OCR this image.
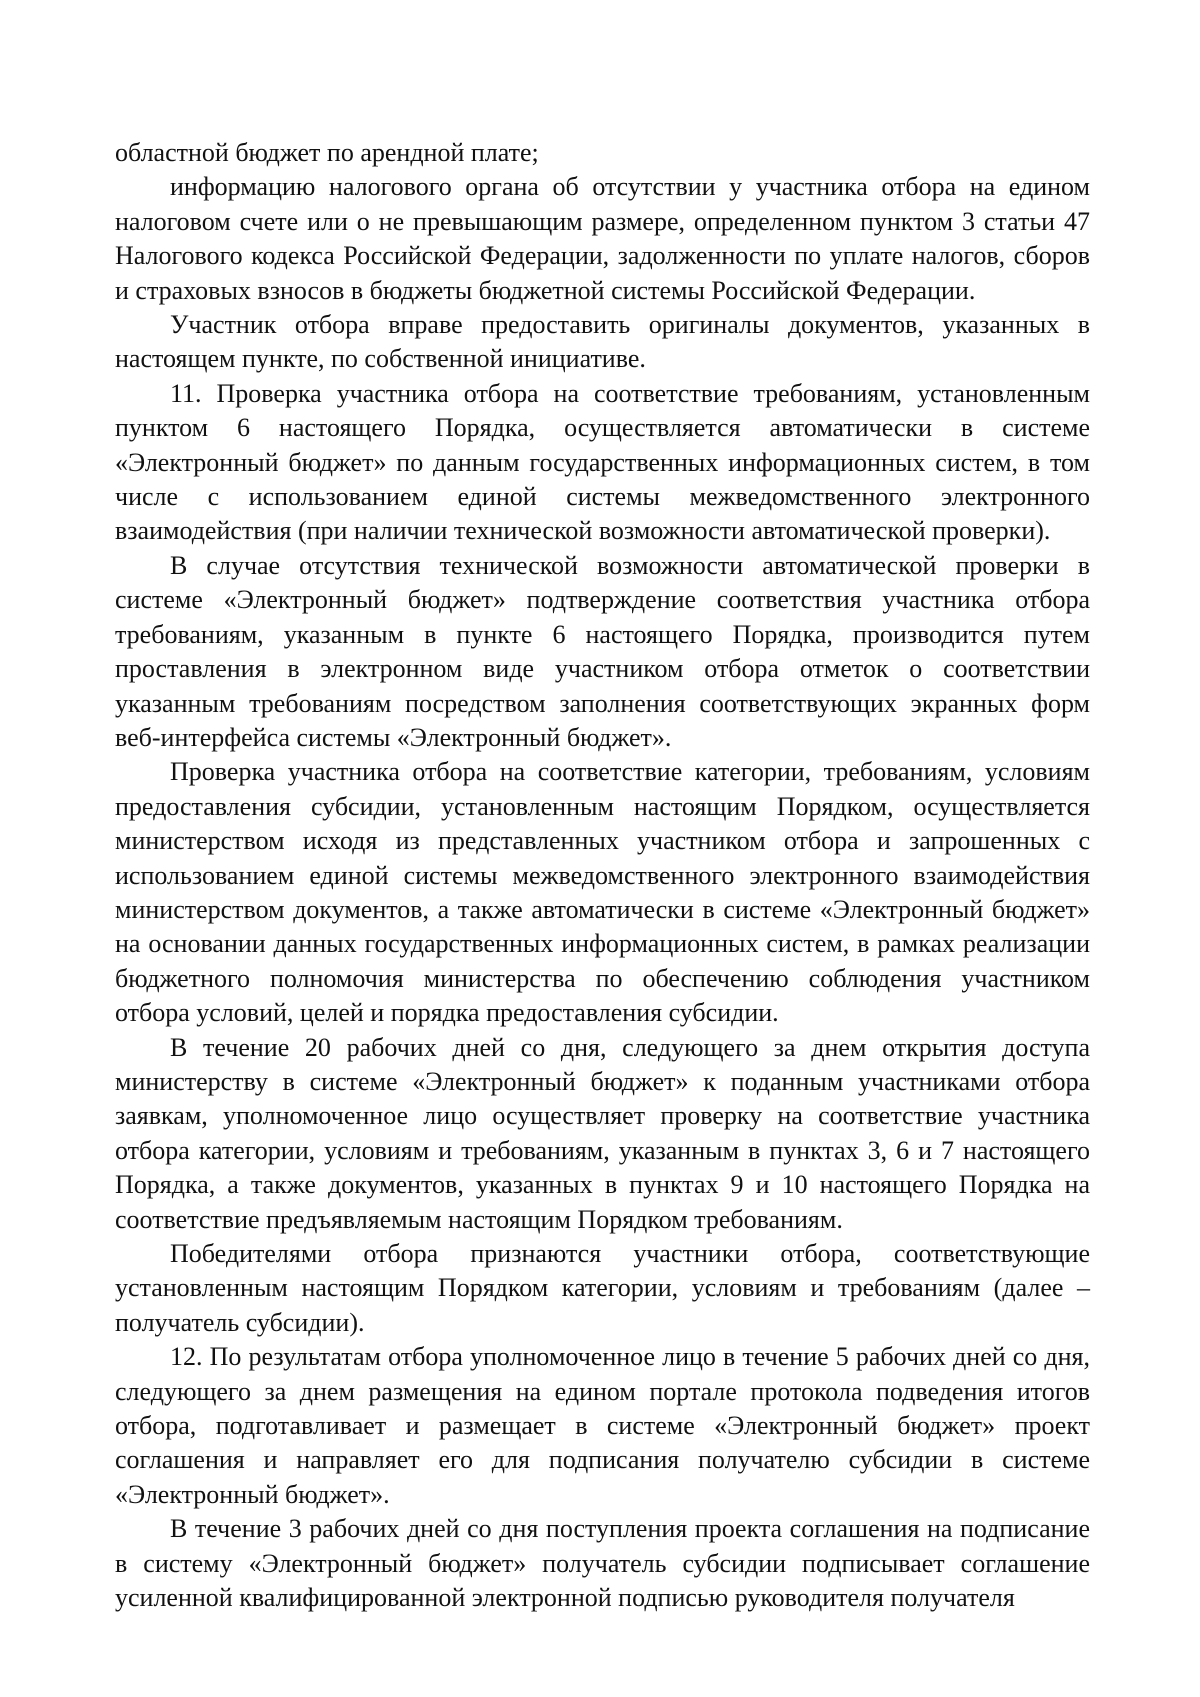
областной бюджет по арендной плате;

информацию налогового органа об отсутствии у участника отбора на едином налоговом счете или о не превышающим размере, определенном пунктом 3 статьи 47 Налогового кодекса Российской Федерации, задолженности по уплате налогов, сборов и страховых взносов в бюджеты бюджетной системы Российской Федерации.

Участник отбора вправе предоставить оригиналы документов, указанных в настоящем пункте, по собственной инициативе.

11. Проверка участника отбора на соответствие требованиям, установленным пунктом 6 настоящего Порядка, осуществляется автоматически в системе «Электронный бюджет» по данным государственных информационных систем, в том числе с использованием единой системы межведомственного электронного взаимодействия (при наличии технической возможности автоматической проверки).

В случае отсутствия технической возможности автоматической проверки в системе «Электронный бюджет» подтверждение соответствия участника отбора требованиям, указанным в пункте 6 настоящего Порядка, производится путем проставления в электронном виде участником отбора отметок о соответствии указанным требованиям посредством заполнения соответствующих экранных форм веб-интерфейса системы «Электронный бюджет».

Проверка участника отбора на соответствие категории, требованиям, условиям предоставления субсидии, установленным настоящим Порядком, осуществляется министерством исходя из представленных участником отбора и запрошенных с использованием единой системы межведомственного электронного взаимодействия министерством документов, а также автоматически в системе «Электронный бюджет» на основании данных государственных информационных систем, в рамках реализации бюджетного полномочия министерства по обеспечению соблюдения участником отбора условий, целей и порядка предоставления субсидии.

В течение 20 рабочих дней со дня, следующего за днем открытия доступа министерству в системе «Электронный бюджет» к поданным участниками отбора заявкам, уполномоченное лицо осуществляет проверку на соответствие участника отбора категории, условиям и требованиям, указанным в пунктах 3, 6 и 7 настоящего Порядка, а также документов, указанных в пунктах 9 и 10 настоящего Порядка на соответствие предъявляемым настоящим Порядком требованиям.

Победителями отбора признаются участники отбора, соответствующие установленным настоящим Порядком категории, условиям и требованиям (далее – получатель субсидии).

12. По результатам отбора уполномоченное лицо в течение 5 рабочих дней со дня, следующего за днем размещения на едином портале протокола подведения итогов отбора, подготавливает и размещает в системе «Электронный бюджет» проект соглашения и направляет его для подписания получателю субсидии в системе «Электронный бюджет».

В течение 3 рабочих дней со дня поступления проекта соглашения на подписание в систему «Электронный бюджет» получатель субсидии подписывает соглашение усиленной квалифицированной электронной подписью руководителя получателя
